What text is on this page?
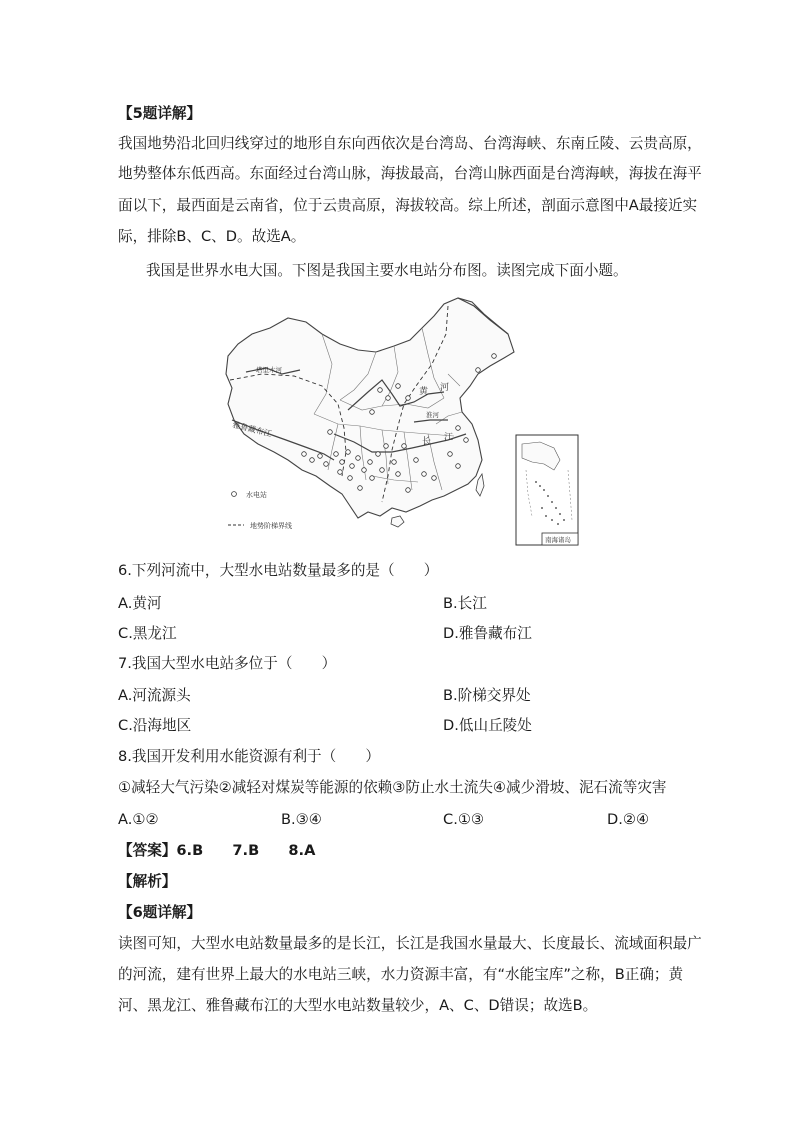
【5题详解】
我国地势沿北回归线穿过的地形自东向西依次是台湾岛、台湾海峡、东南丘陵、云贵高原，
地势整体东低西高。东面经过台湾山脉，海拔最高，台湾山脉西面是台湾海峡，海拔在海平
面以下，最西面是云南省，位于云贵高原，海拔较高。综上所述，剖面示意图中A最接近实
际，排除B、C、D。故选A。
我国是世界水电大国。下图是我国主要水电站分布图。读图完成下面小题。
塔里木河
雅鲁藏布江
黄 河
淮河
长 江
水电站
地势阶梯界线
南海诸岛
6.下列河流中，大型水电站数量最多的是（　　）
A.黄河	B.长江
C.黑龙江	D.雅鲁藏布江
7.我国大型水电站多位于（　　）
A.河流源头	B.阶梯交界处
C.沿海地区	D.低山丘陵处
8.我国开发利用水能资源有利于（　　）
①减轻大气污染②减轻对煤炭等能源的依赖③防止水土流失④减少滑坡、泥石流等灾害
A.①②	B.③④	C.①③	D.②④
【答案】6.B　　7.B　　8.A
【解析】
【6题详解】
读图可知，大型水电站数量最多的是长江，长江是我国水量最大、长度最长、流域面积最广
的河流，建有世界上最大的水电站三峡，水力资源丰富，有“水能宝库”之称，B正确；黄
河、黑龙江、雅鲁藏布江的大型水电站数量较少，A、C、D错误；故选B。
